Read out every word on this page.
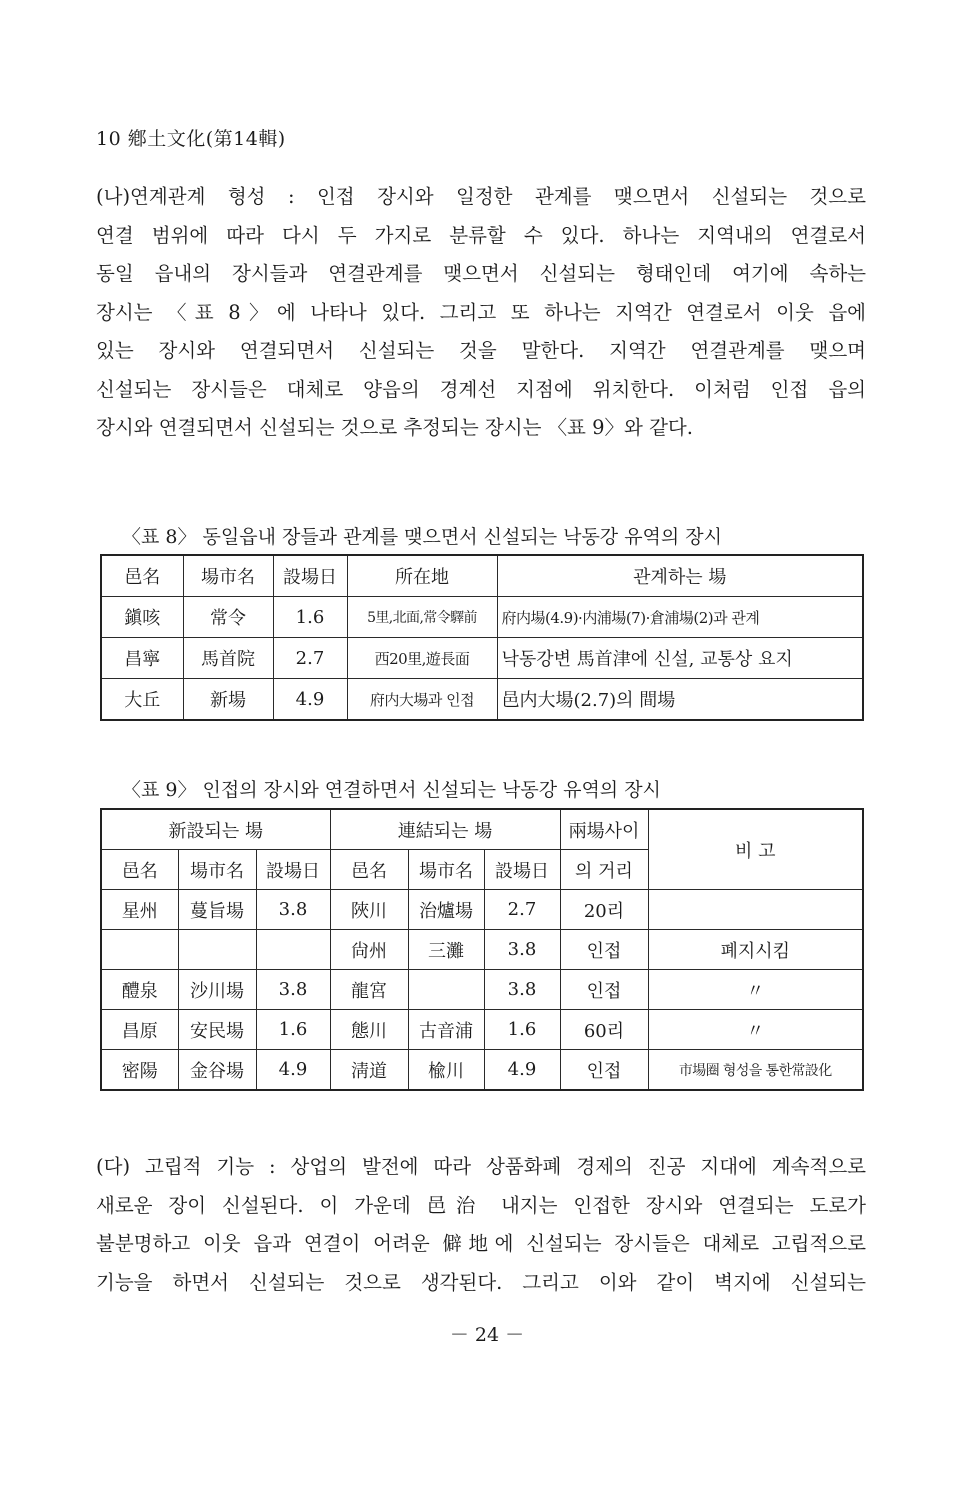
10 鄕土文化(第14輯)
(나)연계관계 형성 : 인접 장시와 일정한 관계를 맺으면서 신설되는 것으로
연결 범위에 따라 다시 두 가지로 분류할 수 있다. 하나는 지역내의 연결로서
동일 읍내의 장시들과 연결관계를 맺으면서 신설되는 형태인데 여기에 속하는
장시는 〈표 8〉에 나타나 있다. 그리고 또 하나는 지역간 연결로서 이웃 읍에
있는 장시와 연결되면서 신설되는 것을 말한다. 지역간 연결관계를 맺으며
신설되는 장시들은 대체로 양읍의 경계선 지점에 위치한다. 이처럼 인접 읍의
장시와 연결되면서 신설되는 것으로 추정되는 장시는 〈표 9〉와 같다.
〈표 8〉 동일읍내 장들과 관계를 맺으면서 신설되는 낙동강 유역의 장시
邑名	場市名	設場日	所在地	관계하는 場
鎭咳	常令	1.6	5里,北面,常令驛前	府内場(4.9)·内浦場(7)·倉浦場(2)과 관계
昌寧	馬首院	2.7	西20里,遊長面	낙동강변 馬首津에 신설, 교통상 요지
大丘	新場	4.9	府内大場과 인접	邑内大場(2.7)의 間場
〈표 9〉 인접의 장시와 연결하면서 신설되는 낙동강 유역의 장시
新設되는 場			連結되는 場			兩場사이	비 고
邑名	場市名	設場日	邑名	場市名	設場日	의 거리	
星州	蔓旨場	3.8	陜川	治爐場	2.7	20리	
			尙州	三灘	3.8	인접	폐지시킴
醴泉	沙川場	3.8	龍宮		3.8	인접	〃
昌原	安民場	1.6	態川	古音浦	1.6	60리	〃
密陽	金谷場	4.9	淸道	楡川	4.9	인접	市場圈 형성을 통한常設化
(다) 고립적 기능 : 상업의 발전에 따라 상품화폐 경제의 진공 지대에 계속적으로
새로운 장이 신설된다. 이 가운데 邑治 내지는 인접한 장시와 연결되는 도로가
불분명하고 이웃 읍과 연결이 어려운 僻地에 신설되는 장시들은 대체로 고립적으로
기능을 하면서 신설되는 것으로 생각된다. 그리고 이와 같이 벽지에 신설되는
－ 24 －
